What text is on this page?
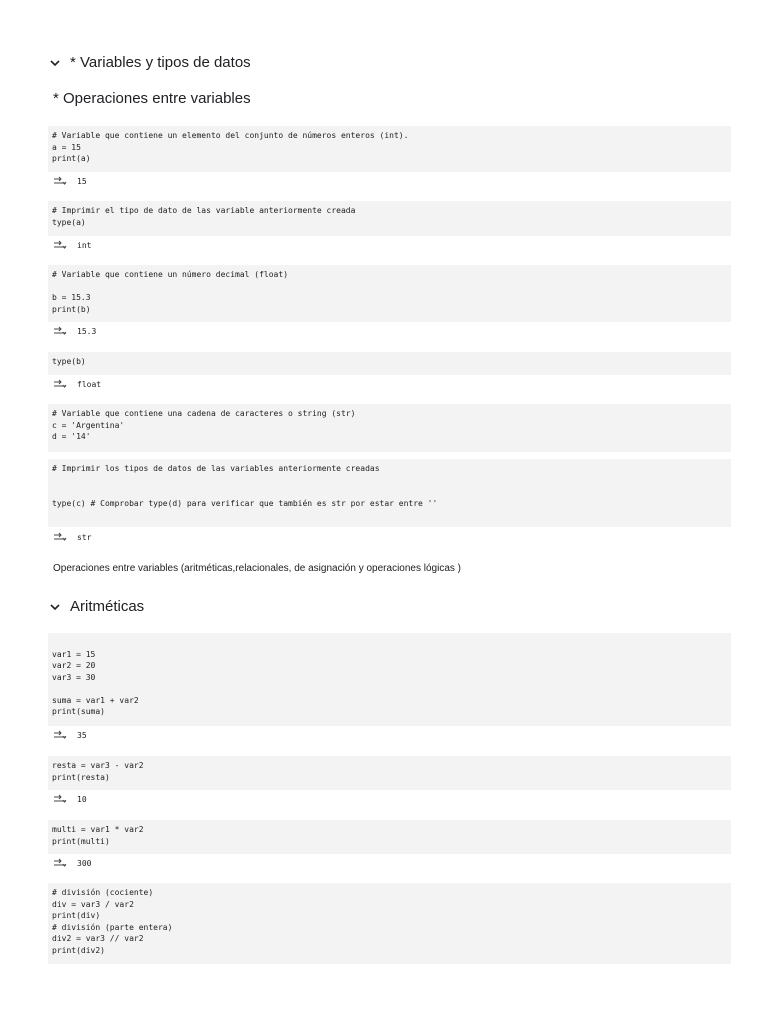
* Variables y tipos de datos
* Operaciones entre variables
# Variable que contiene un elemento del conjunto de números enteros (int).
a = 15
print(a)
15
# Imprimir el tipo de dato de las variable anteriormente creada
type(a)
int
# Variable que contiene un número decimal (float)

b = 15.3
print(b)
15.3
type(b)
float
# Variable que contiene una cadena de caracteres o string (str)
c = 'Argentina'
d = '14'
# Imprimir los tipos de datos de las variables anteriormente creadas

type(c) # Comprobar type(d) para verificar que también es str por estar entre ''
str
Operaciones entre variables (aritméticas,relacionales, de asignación y operaciones lógicas )
Aritméticas

var1 = 15
var2 = 20
var3 = 30

suma = var1 + var2
print(suma)
35
resta = var3 - var2
print(resta)
10
multi = var1 * var2
print(multi)
300
# división (cociente)
div = var3 / var2
print(div)
# división (parte entera)
div2 = var3 // var2
print(div2)
